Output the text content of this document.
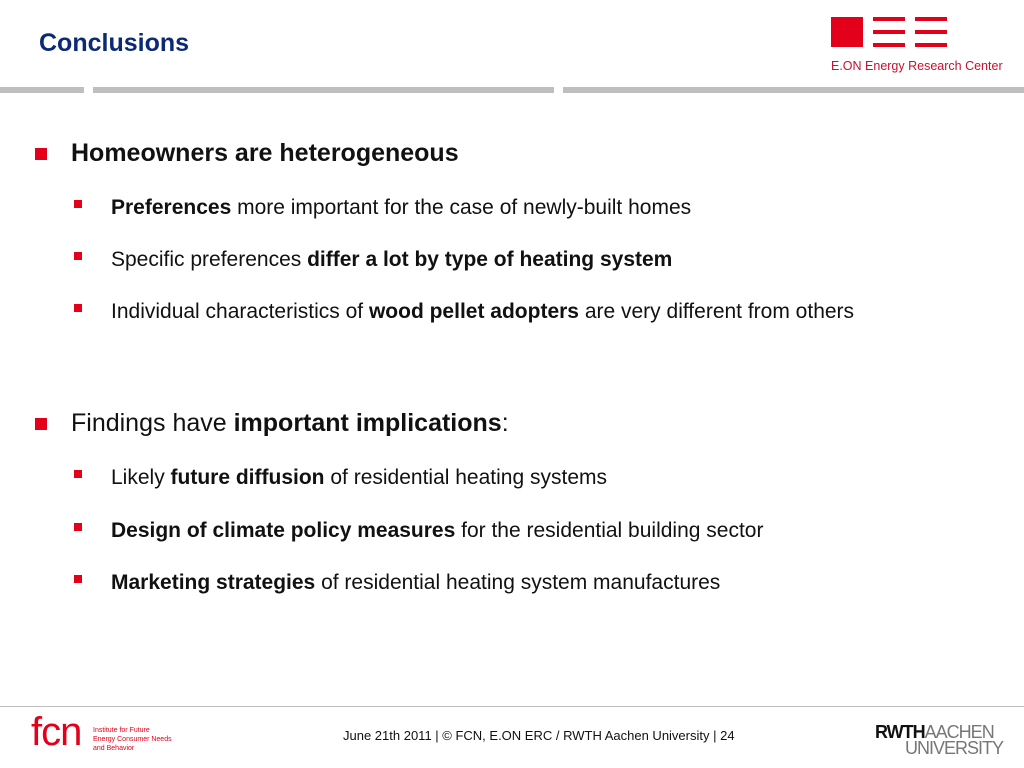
Conclusions
E.ON Energy Research Center
Homeowners are heterogeneous
Preferences more important for the case of newly-built homes
Specific preferences differ a lot by type of heating system
Individual characteristics of wood pellet adopters are very different from others
Findings have important implications:
Likely future diffusion of residential heating systems
Design of climate policy measures for the residential building sector
Marketing strategies of residential heating system manufactures
fcn Institute for Future
Energy Consumer Needs
and Behavior
June 21th 2011 | © FCN, E.ON ERC / RWTH Aachen University | 24	RWTHAACHEN
UNIVERSITY
